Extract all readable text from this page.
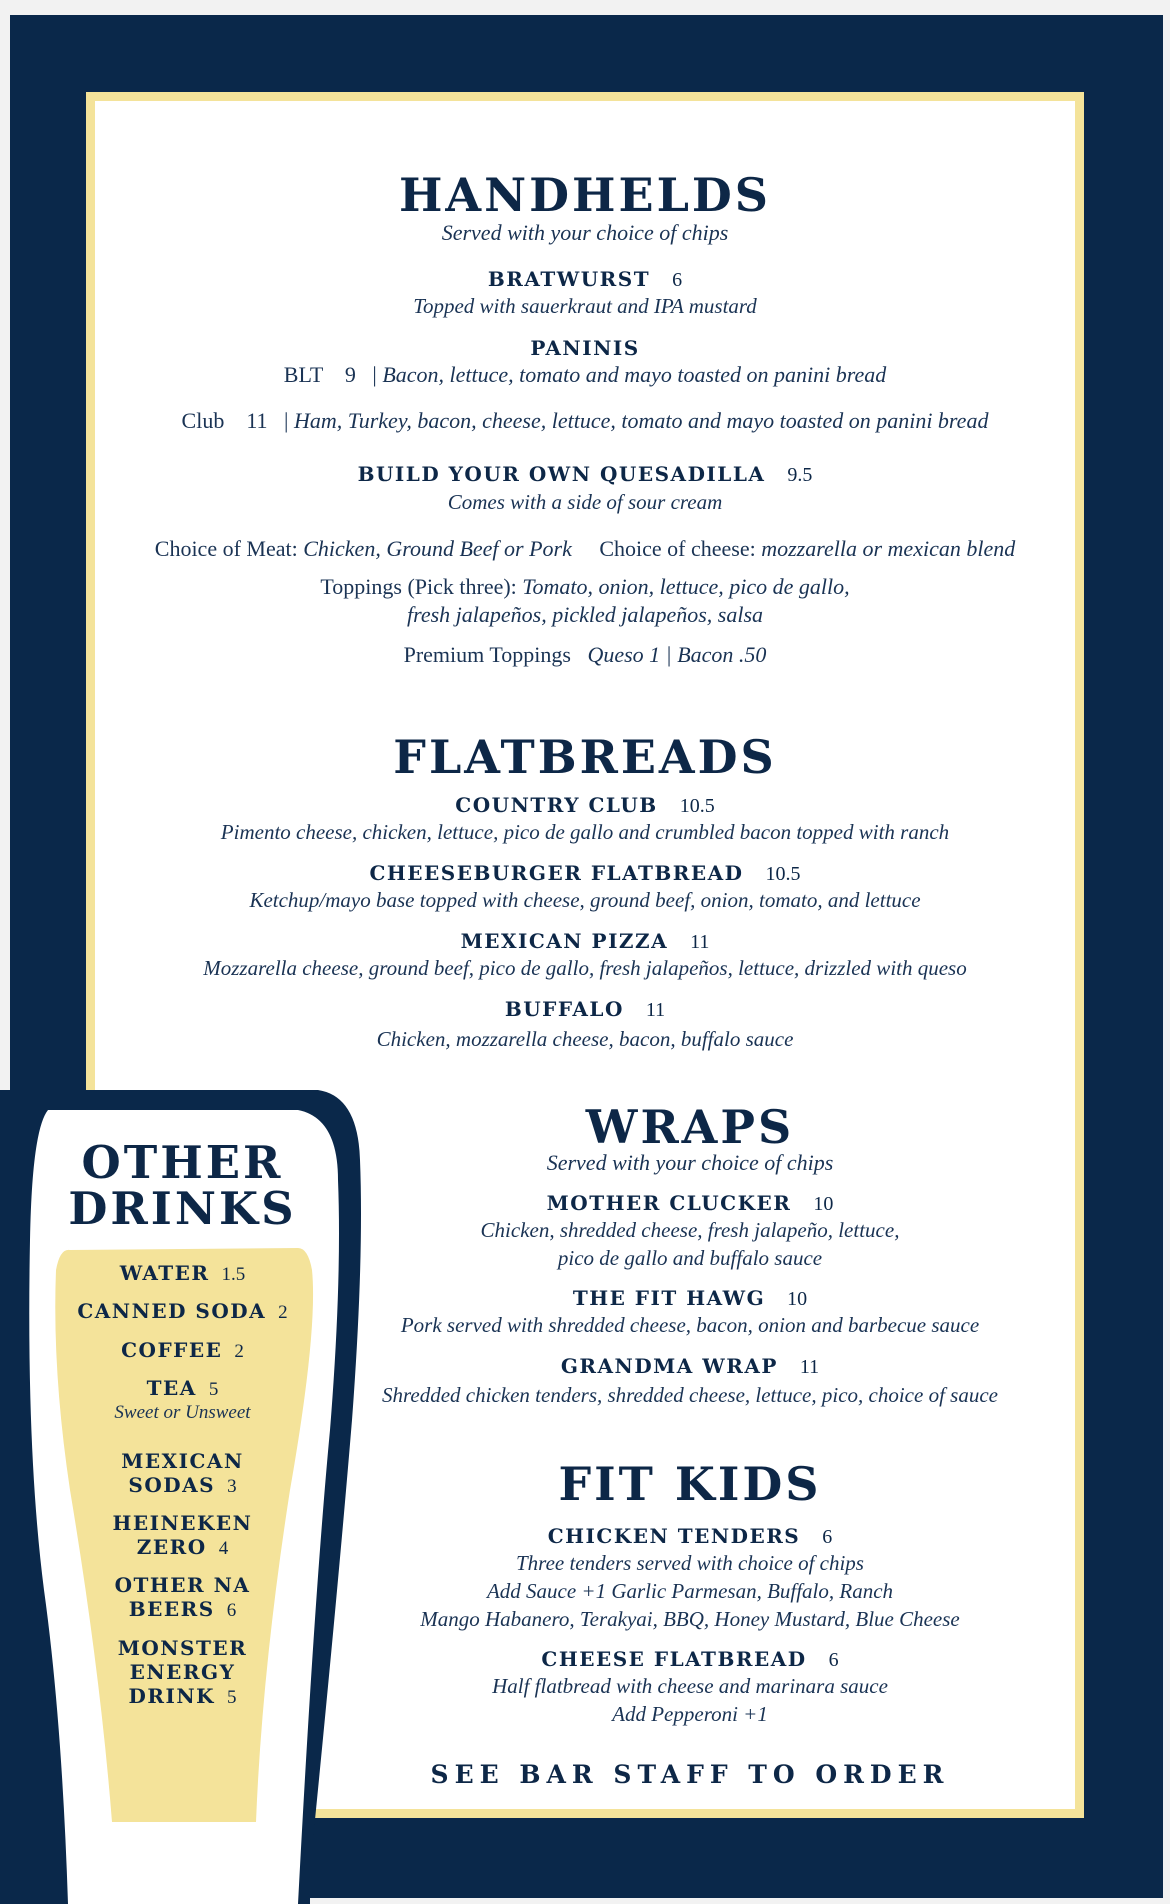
HANDHELDS
Served with your choice of chips
BRATWURST 6
Topped with sauerkraut and IPA mustard
PANINIS
BLT 9 | Bacon, lettuce, tomato and mayo toasted on panini bread
Club 11 | Ham, Turkey, bacon, cheese, lettuce, tomato and mayo toasted on panini bread
BUILD YOUR OWN QUESADILLA 9.5
Comes with a side of sour cream
Choice of Meat: Chicken, Ground Beef or Pork Choice of cheese: mozzarella or mexican blend
Toppings (Pick three): Tomato, onion, lettuce, pico de gallo,
fresh jalapeños, pickled jalapeños, salsa
Premium Toppings Queso 1 | Bacon .50
FLATBREADS
COUNTRY CLUB 10.5
Pimento cheese, chicken, lettuce, pico de gallo and crumbled bacon topped with ranch
CHEESEBURGER FLATBREAD 10.5
Ketchup/mayo base topped with cheese, ground beef, onion, tomato, and lettuce
MEXICAN PIZZA 11
Mozzarella cheese, ground beef, pico de gallo, fresh jalapeños, lettuce, drizzled with queso
BUFFALO 11
Chicken, mozzarella cheese, bacon, buffalo sauce
OTHER
DRINKS
WATER 1.5
CANNED SODA 2
COFFEE 2
TEA 5
Sweet or Unsweet
MEXICAN
SODAS 3
HEINEKEN
ZERO 4
OTHER NA
BEERS 6
MONSTER
ENERGY
DRINK 5
WRAPS
Served with your choice of chips
MOTHER CLUCKER 10
Chicken, shredded cheese, fresh jalapeño, lettuce,
pico de gallo and buffalo sauce
THE FIT HAWG 10
Pork served with shredded cheese, bacon, onion and barbecue sauce
GRANDMA WRAP 11
Shredded chicken tenders, shredded cheese, lettuce, pico, choice of sauce
FIT KIDS
CHICKEN TENDERS 6
Three tenders served with choice of chips
Add Sauce +1 Garlic Parmesan, Buffalo, Ranch
Mango Habanero, Terakyai, BBQ, Honey Mustard, Blue Cheese
CHEESE FLATBREAD 6
Half flatbread with cheese and marinara sauce
Add Pepperoni +1
SEE BAR STAFF TO ORDER
